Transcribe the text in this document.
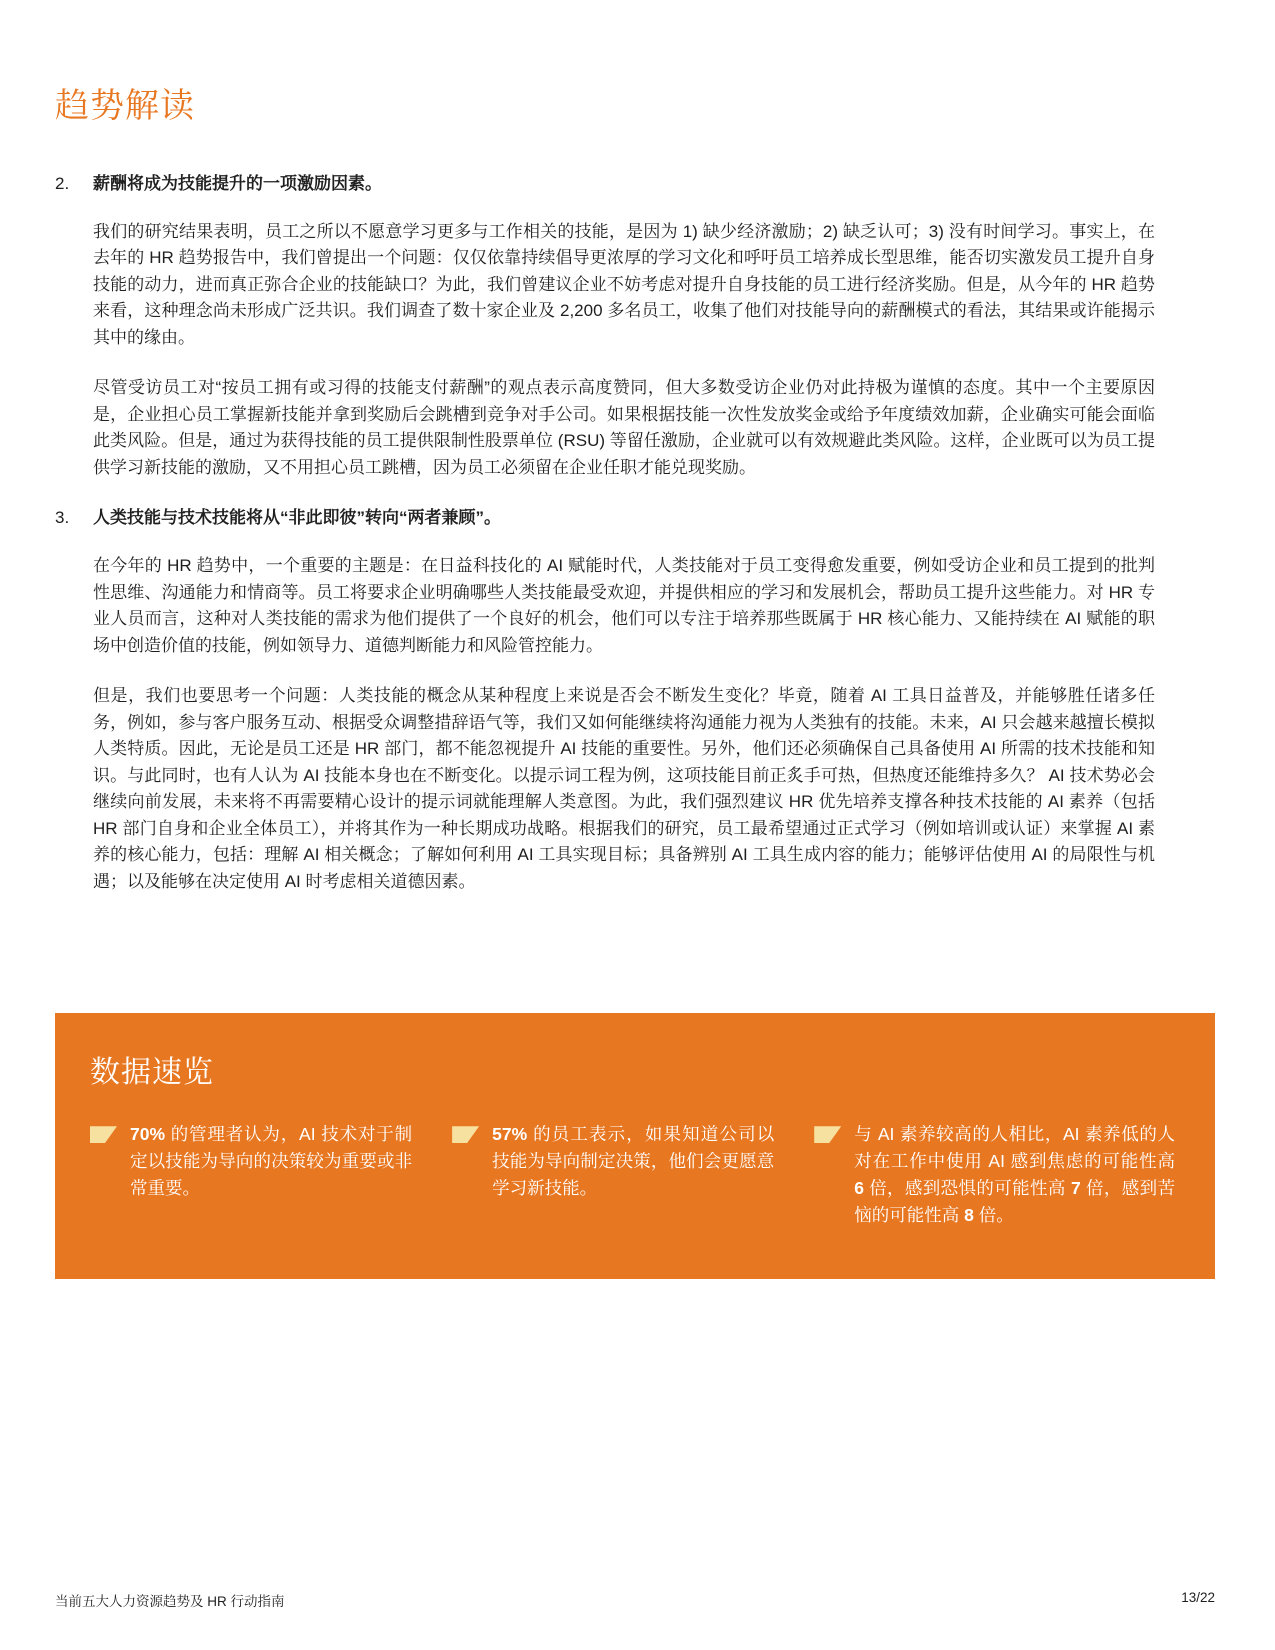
趋势解读
2.	薪酬将成为技能提升的一项激励因素。

我们的研究结果表明，员工之所以不愿意学习更多与工作相关的技能，是因为 1) 缺少经济激励；2) 缺乏认可；3) 没有时间学习。事实上，在去年的 HR 趋势报告中，我们曾提出一个问题：仅仅依靠持续倡导更浓厚的学习文化和呼吁员工培养成长型思维，能否切实激发员工提升自身技能的动力，进而真正弥合企业的技能缺口？为此，我们曾建议企业不妨考虑对提升自身技能的员工进行经济奖励。但是，从今年的 HR 趋势来看，这种理念尚未形成广泛共识。我们调查了数十家企业及 2,200 多名员工，收集了他们对技能导向的薪酬模式的看法，其结果或许能揭示其中的缘由。

尽管受访员工对“按员工拥有或习得的技能支付薪酬”的观点表示高度赞同，但大多数受访企业仍对此持极为谨慎的态度。其中一个主要原因是，企业担心员工掌握新技能并拿到奖励后会跳槽到竞争对手公司。如果根据技能一次性发放奖金或给予年度绩效加薪，企业确实可能会面临此类风险。但是，通过为获得技能的员工提供限制性股票单位 (RSU) 等留任激励，企业就可以有效规避此类风险。这样，企业既可以为员工提供学习新技能的激励，又不用担心员工跳槽，因为员工必须留在企业任职才能兑现奖励。

3.	人类技能与技术技能将从“非此即彼”转向“两者兼顾”。

在今年的 HR 趋势中，一个重要的主题是：在日益科技化的 AI 赋能时代，人类技能对于员工变得愈发重要，例如受访企业和员工提到的批判性思维、沟通能力和情商等。员工将要求企业明确哪些人类技能最受欢迎，并提供相应的学习和发展机会，帮助员工提升这些能力。对 HR 专业人员而言，这种对人类技能的需求为他们提供了一个良好的机会，他们可以专注于培养那些既属于 HR 核心能力、又能持续在 AI 赋能的职场中创造价值的技能，例如领导力、道德判断能力和风险管控能力。

但是，我们也要思考一个问题：人类技能的概念从某种程度上来说是否会不断发生变化？毕竟，随着 AI 工具日益普及，并能够胜任诸多任务，例如，参与客户服务互动、根据受众调整措辞语气等，我们又如何能继续将沟通能力视为人类独有的技能。未来，AI 只会越来越擅长模拟人类特质。因此，无论是员工还是 HR 部门，都不能忽视提升 AI 技能的重要性。另外，他们还必须确保自己具备使用 AI 所需的技术技能和知识。与此同时，也有人认为 AI 技能本身也在不断变化。以提示词工程为例，这项技能目前正炙手可热，但热度还能维持多久？ AI 技术势必会继续向前发展，未来将不再需要精心设计的提示词就能理解人类意图。为此，我们强烈建议 HR 优先培养支撑各种技术技能的 AI 素养（包括 HR 部门自身和企业全体员工），并将其作为一种长期成功战略。根据我们的研究，员工最希望通过正式学习（例如培训或认证）来掌握 AI 素养的核心能力，包括：理解 AI 相关概念；了解如何利用 AI 工具实现目标；具备辨别 AI 工具生成内容的能力；能够评估使用 AI 的局限性与机遇；以及能够在决定使用 AI 时考虑相关道德因素。

数据速览

70% 的管理者认为，AI 技术对于制定以技能为导向的决策较为重要或非常重要。

57% 的员工表示，如果知道公司以技能为导向制定决策，他们会更愿意学习新技能。

与 AI 素养较高的人相比，AI 素养低的人对在工作中使用 AI 感到焦虑的可能性高 6 倍，感到恐惧的可能性高 7 倍，感到苦恼的可能性高 8 倍。

当前五大人力资源趋势及 HR 行动指南	13/22
